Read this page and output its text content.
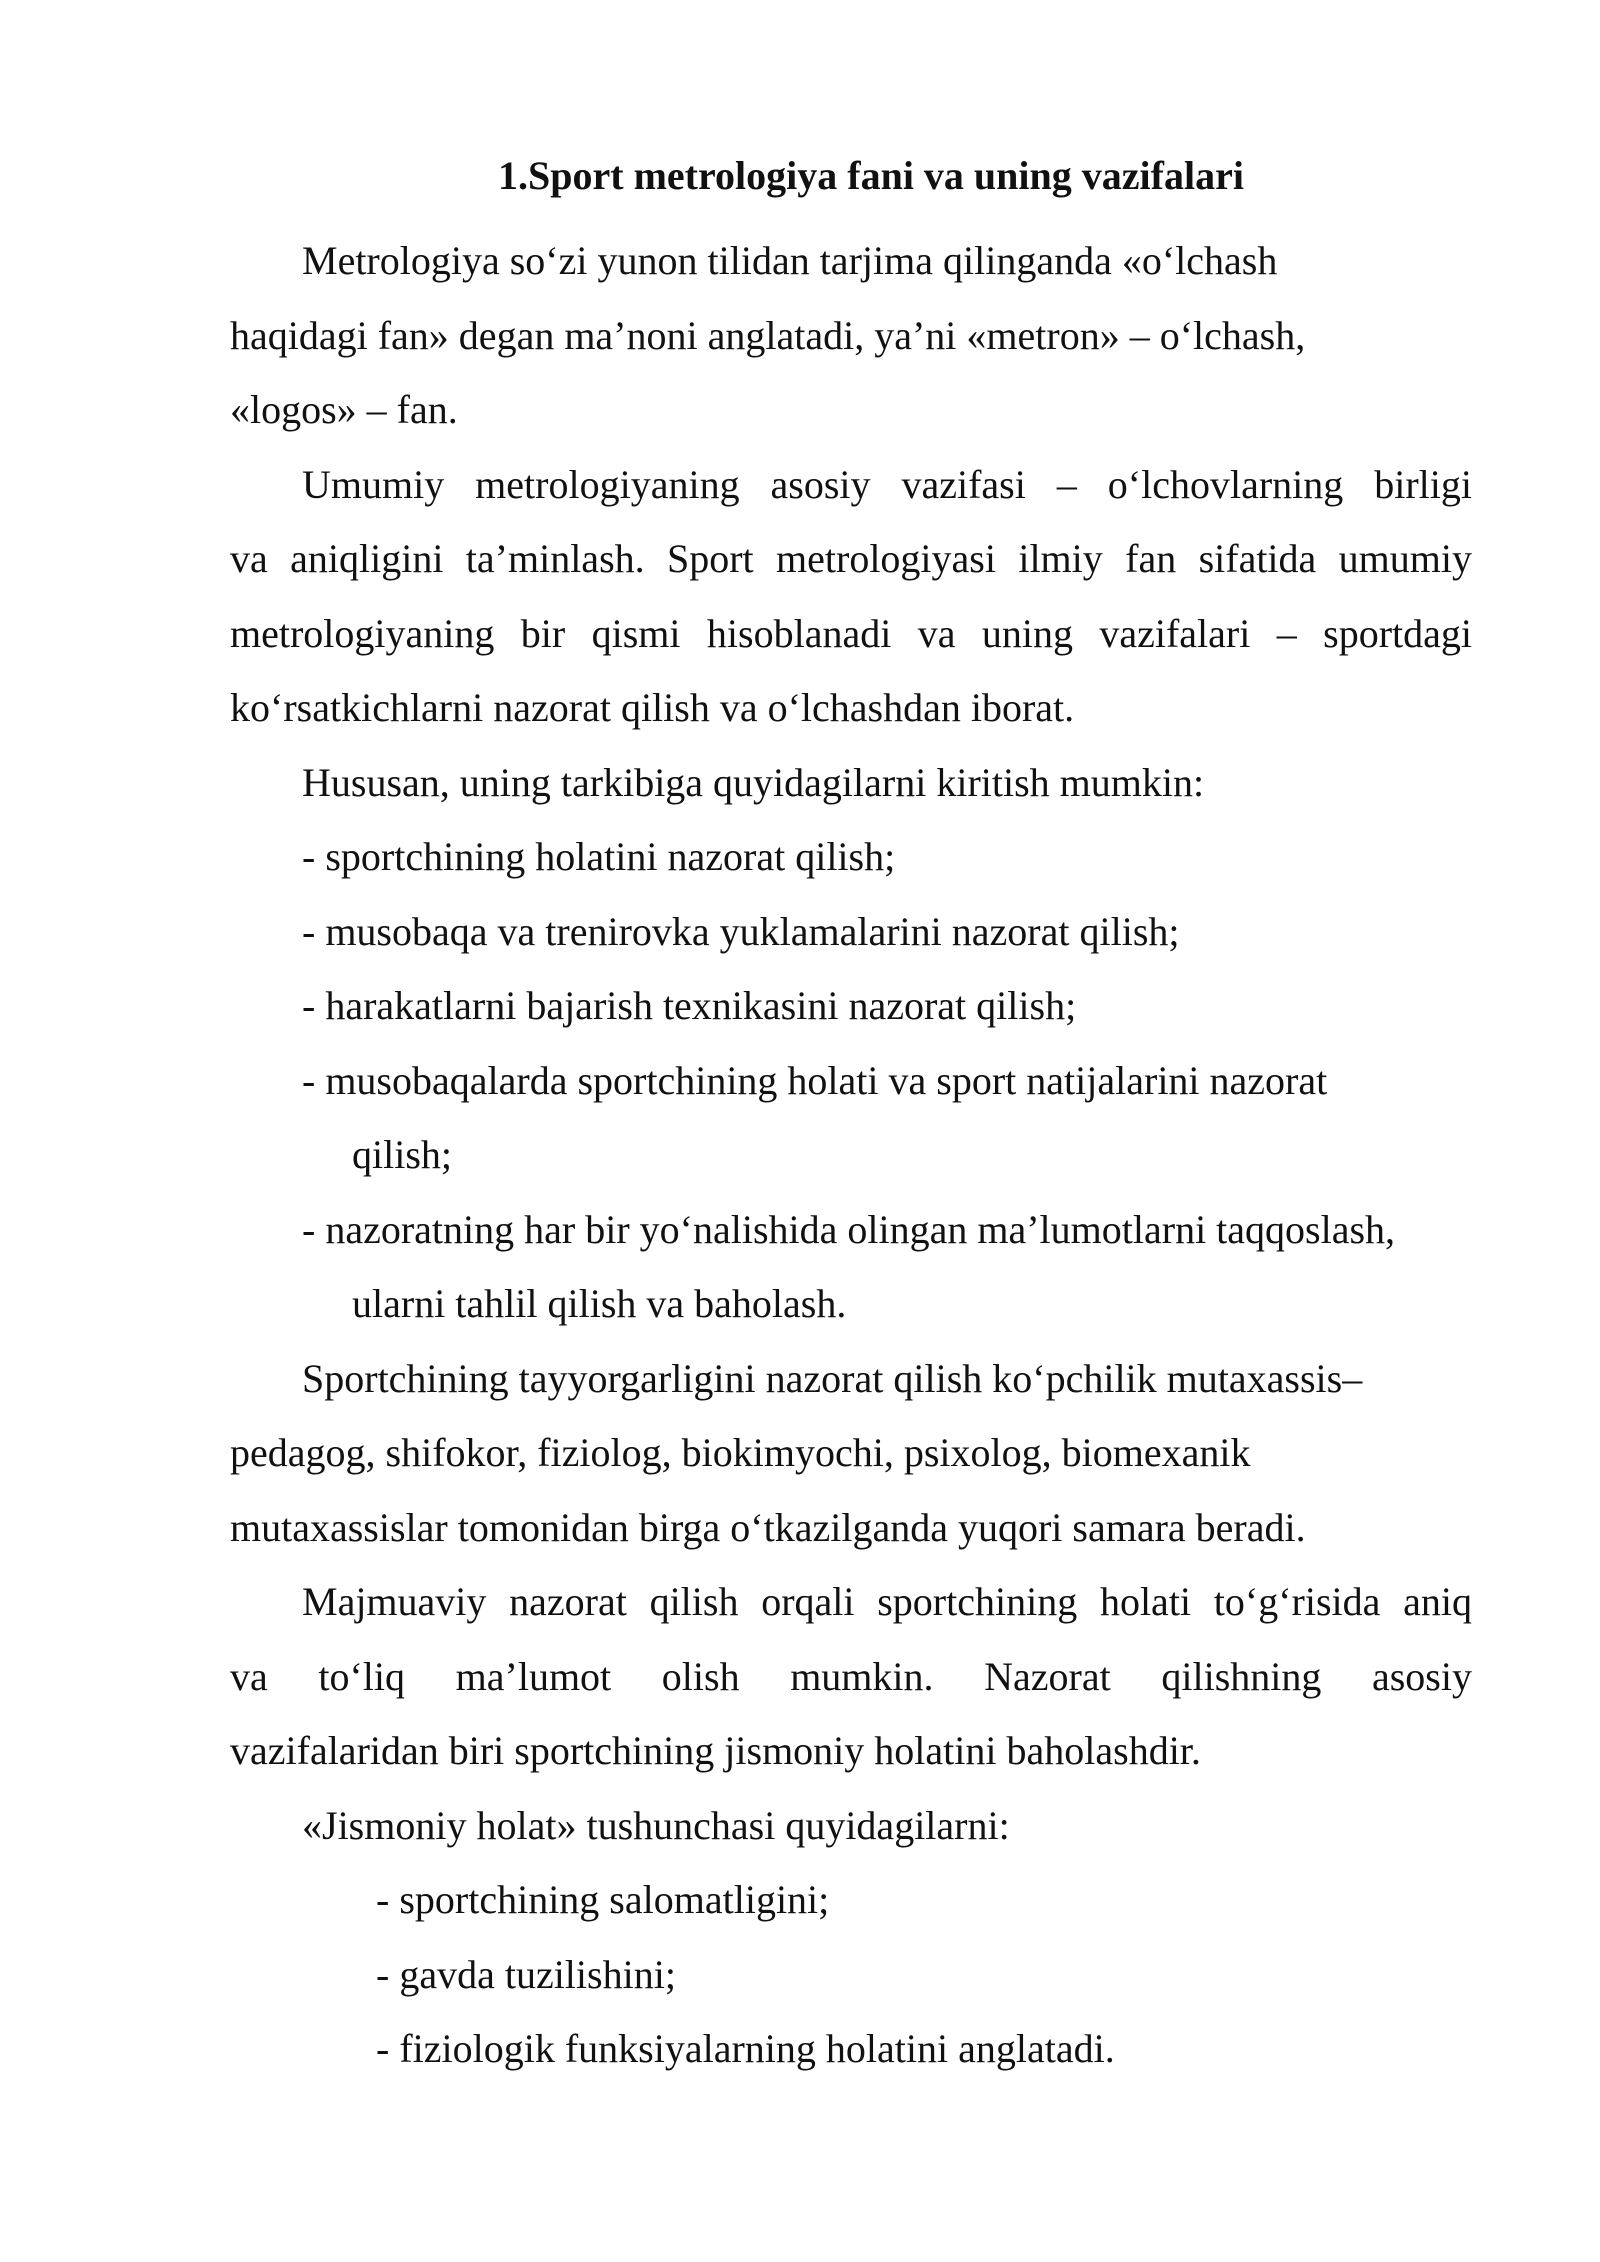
1.Sport metrologiya fani va uning vazifalari
Metrologiya so‘zi yunon tilidan tarjima qilinganda «o‘lchash
haqidagi fan» degan ma’noni anglatadi, ya’ni «metron» – o‘lchash,
«logos» – fan.
Umumiy metrologiyaning asosiy vazifasi – o‘lchovlarning birligi
va aniqligini ta’minlash. Sport metrologiyasi ilmiy fan sifatida umumiy
metrologiyaning bir qismi hisoblanadi va uning vazifalari – sportdagi
ko‘rsatkichlarni nazorat qilish va o‘lchashdan iborat.
Hususan, uning tarkibiga quyidagilarni kiritish mumkin:
- sportchining holatini nazorat qilish;
- musobaqa va trenirovka yuklamalarini nazorat qilish;
- harakatlarni bajarish texnikasini nazorat qilish;
- musobaqalarda sportchining holati va sport natijalarini nazorat
qilish;
- nazoratning har bir yo‘nalishida olingan ma’lumotlarni taqqoslash,
ularni tahlil qilish va baholash.
Sportchining tayyorgarligini nazorat qilish ko‘pchilik mutaxassis–
pedagog, shifokor, fiziolog, biokimyochi, psixolog, biomexanik
mutaxassislar tomonidan birga o‘tkazilganda yuqori samara beradi.
Majmuaviy nazorat qilish orqali sportchining holati to‘g‘risida aniq
va to‘liq ma’lumot olish mumkin. Nazorat qilishning asosiy
vazifalaridan biri sportchining jismoniy holatini baholashdir.
«Jismoniy holat» tushunchasi quyidagilarni:
- sportchining salomatligini;
- gavda tuzilishini;
- fiziologik funksiyalarning holatini anglatadi.
